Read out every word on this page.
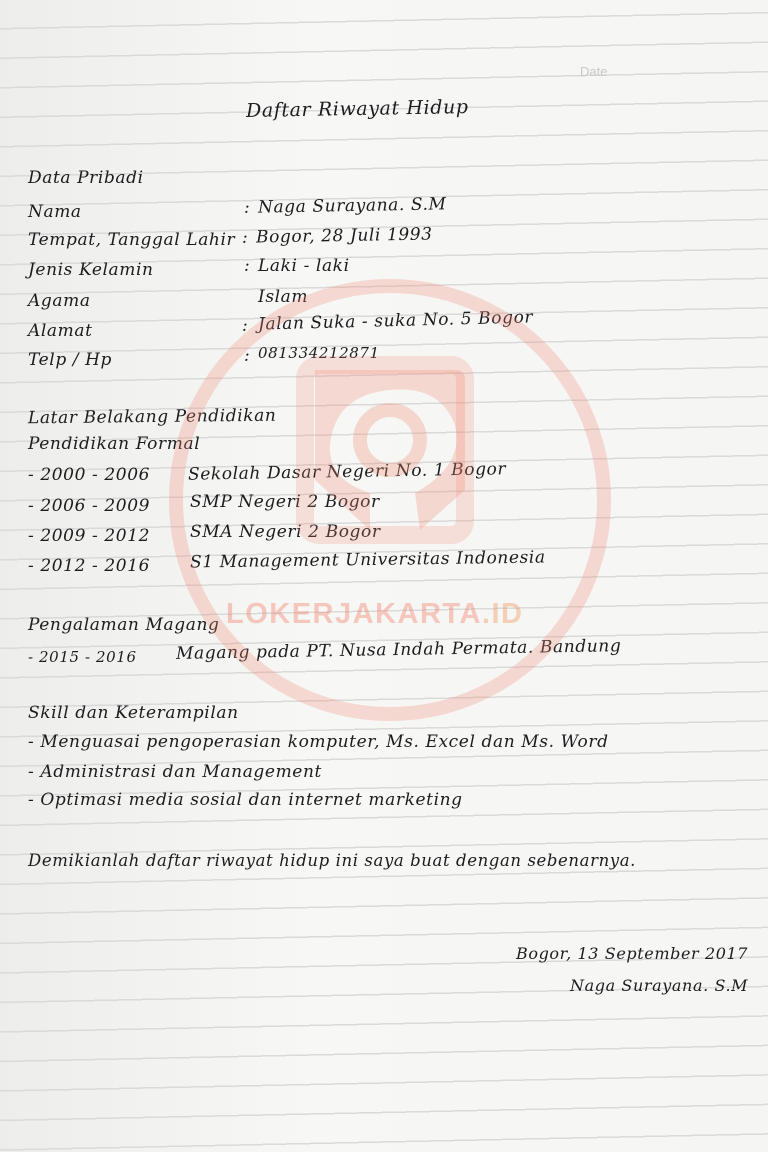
Date
Daftar Riwayat Hidup
Data Pribadi
Nama	: Naga Surayana. S.M
Tempat, Tanggal Lahir : Bogor, 28 Juli 1993
Jenis Kelamin	: Laki - laki
Agama	Islam
Alamat	: Jalan Suka - suka No. 5 Bogor
Telp / Hp	: 081334212871
Latar Belakang Pendidikan
Pendidikan Formal
- 2000 - 2006 Sekolah Dasar Negeri No. 1 Bogor
- 2006 - 2009 SMP Negeri 2 Bogor
- 2009 - 2012 SMA Negeri 2 Bogor
- 2012 - 2016 S1 Management Universitas Indonesia
Pengalaman Magang
- 2015 - 2016 Magang pada PT. Nusa Indah Permata. Bandung
Skill dan Keterampilan
- Menguasai pengoperasian komputer, Ms. Excel dan Ms. Word
- Administrasi dan Management
- Optimasi media sosial dan internet marketing
Demikianlah daftar riwayat hidup ini saya buat dengan sebenarnya.
Bogor, 13 September 2017
Naga Surayana. S.M
LOKERJAKARTA.ID
